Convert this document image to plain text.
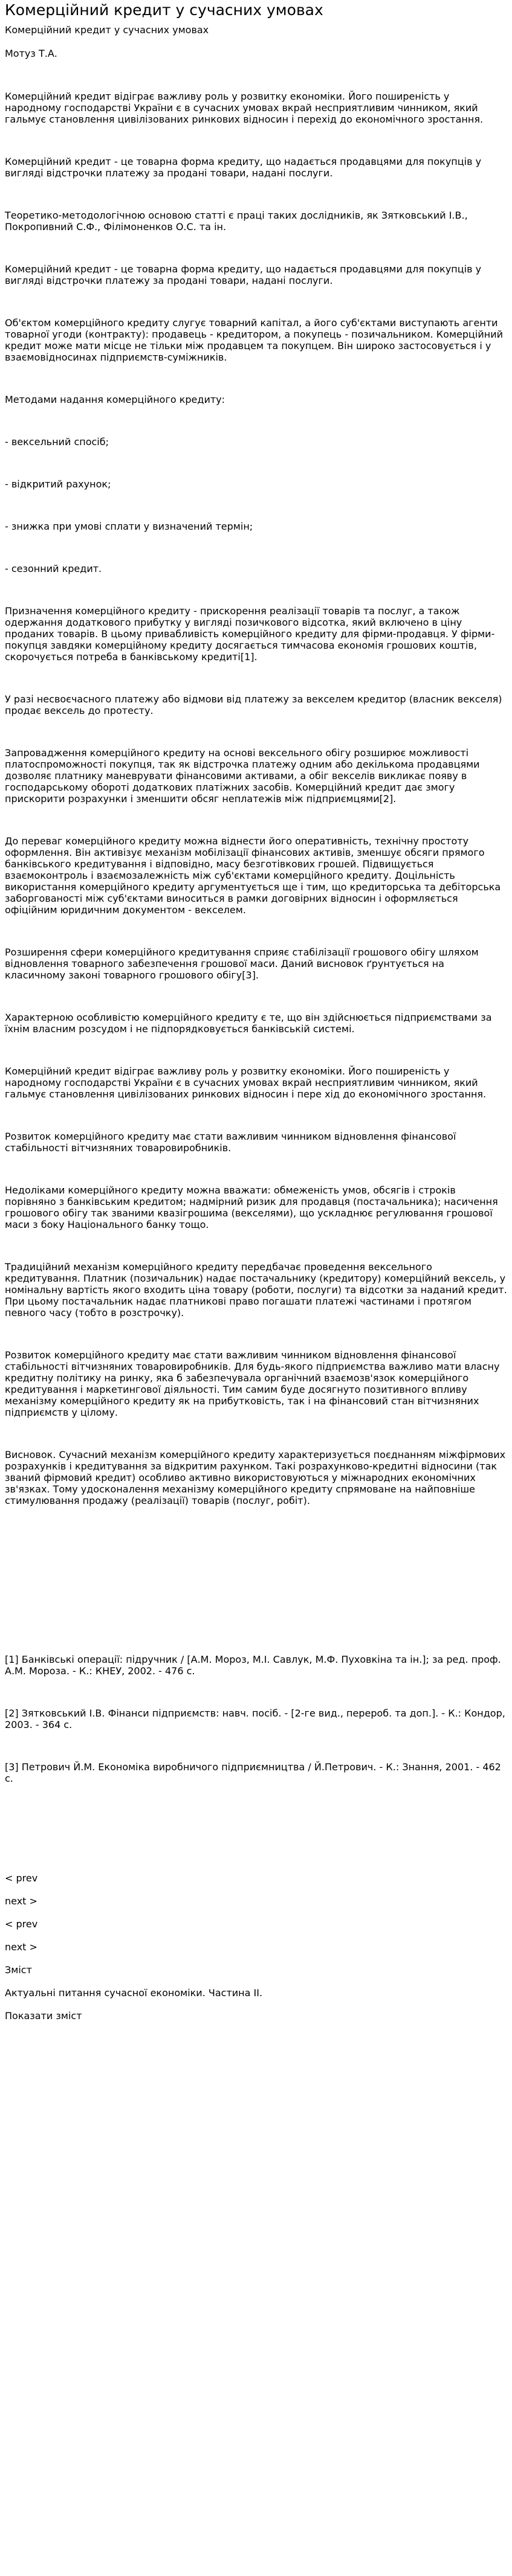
Комерційний кредит у сучасних умовах
Комерційний кредит у сучасних умовах
Мотуз Т.А.

Комерційний кредит відіграє важливу роль у розвитку економіки. Його поширеність у народному господарстві України є в сучасних умовах вкрай несприятливим чинником, який гальмує становлення цивілізованих ринкових відносин і перехід до економічного зростання.

Комерційний кредит - це товарна форма кредиту, що надається продавцями для покупців у вигляді відстрочки платежу за продані товари, надані послуги.

Теоретико-методологічною основою статті є праці таких дослідників, як Зятковський І.В., Покропивний С.Ф., Філімоненков О.С. та ін.

Комерційний кредит - це товарна форма кредиту, що надається продавцями для покупців у вигляді відстрочки платежу за продані товари, надані послуги.

Об'єктом комерційного кредиту слугує товарний капітал, а його суб'єктами виступають агенти товарної угоди (контракту): продавець - кредитором, а покупець - позичальником. Комерційний кредит може мати місце не тільки між продавцем та покупцем. Він широко застосовується і у взаємовідносинах підприємств-суміжників.

Методами надання комерційного кредиту:

- вексельний спосіб;

- відкритий рахунок;

- знижка при умові сплати у визначений термін;

- сезонний кредит.

Призначення комерційного кредиту - прискорення реалізації товарів та послуг, а також одержання додаткового прибутку у вигляді позичкового відсотка, який включено в ціну проданих товарів. В цьому привабливість комерційного кредиту для фірми-продавця. У фірми-покупця завдяки комерційному кредиту досягається тимчасова економія грошових коштів, скорочується потреба в банківському кредиті[1].

У разі несвоєчасного платежу або відмови від платежу за векселем кредитор (власник векселя) продає вексель до протесту.

Запровадження комерційного кредиту на основі вексельного обігу розширює можливості платоспроможності покупця, так як відстрочка платежу одним або декількома продавцями дозволяє платнику маневрувати фінансовими активами, а обіг векселів викликає появу в господарському обороті додаткових платіжних засобів. Комерційний кредит дає змогу прискорити розрахунки і зменшити обсяг неплатежів між підприємцями[2].

До переваг комерційного кредиту можна віднести його оперативність, технічну простоту оформлення. Він активізує механізм мобілізації фінансових активів, зменшує обсяги прямого банківського кредитування і відповідно, масу безготівкових грошей. Підвищується взаємоконтроль і взаємозалежність між суб'єктами комерційного кредиту. Доцільність використання комерційного кредиту аргументується ще і тим, що кредиторська та дебіторська заборгованості між суб'єктами виноситься в рамки договірних відносин і оформляється офіційним юридичним документом - векселем.

Розширення сфери комерційного кредитування сприяє стабілізації грошового обігу шляхом відновлення товарного забезпечення грошової маси. Даний висновок ґрунтується на класичному законі товарного грошового обігу[3].

Характерною особливістю комерційного кредиту є те, що він здійснюється підприємствами за їхнім власним розсудом і не підпорядковується банківській системі.

Комерційний кредит відіграє важливу роль у розвитку економіки. Його поширеність у народному господарстві України є в сучасних умовах вкрай несприятливим чинником, який гальмує становлення цивілізованих ринкових відносин і пере хід до економічного зростання.

Розвиток комерційного кредиту має стати важливим чинником відновлення фінансової стабільності вітчизняних товаровиробників.

Недоліками комерційного кредиту можна вважати: обмеженість умов, обсягів і строків порівняно з банківським кредитом; надмірний ризик для продавця (постачальника); насичення грошового обігу так званими квазігрошима (векселями), що ускладнює регулювання грошової маси з боку Національного банку тощо.

Традиційний механізм комерційного кредиту передбачає проведення вексельного кредитування. Платник (позичальник) надає постачальнику (кредитору) комерційний вексель, у номінальну вартість якого входить ціна товару (роботи, послуги) та відсотки за наданий кредит. При цьому постачальник надає платникові право погашати платежі частинами і протягом певного часу (тобто в розстрочку).

Розвиток комерційного кредиту має стати важливим чинником відновлення фінансової стабільності вітчизняних товаровиробників. Для будь-якого підприємства важливо мати власну кредитну політику на ринку, яка б забезпечувала органічний взаємозв'язок комерційного кредитування і маркетингової діяльності. Тим самим буде досягнуто позитивного впливу механізму комерційного кредиту як на прибутковість, так і на фінансовий стан вітчизняних підприємств у цілому.

Висновок. Сучасний механізм комерційного кредиту характеризується поєднанням міжфірмових розрахунків і кредитування за відкритим рахунком. Такі розрахунково-кредитні відносини (так званий фірмовий кредит) особливо активно використовуються у міжнародних економічних зв'язках. Тому удосконалення механізму комерційного кредиту спрямоване на найповніше стимулювання продажу (реалізації) товарів (послуг, робіт).

[1] Банківські операції: підручник / [А.М. Мороз, М.І. Савлук, М.Ф. Пуховкіна та ін.]; за ред. проф. А.М. Мороза. - К.: КНЕУ, 2002. - 476 с.

[2] Зятковський І.В. Фінанси підприємств: навч. посіб. - [2-ге вид., перероб. та доп.]. - К.: Кондор, 2003. - 364 с.

[3] Петрович Й.М. Економіка виробничого підприємництва / Й.Петрович. - К.: Знання, 2001. - 462 с.

< prev
next >
< prev
next >
Зміст
Актуальні питання сучасної економіки. Частина ІІ.
Показати зміст
